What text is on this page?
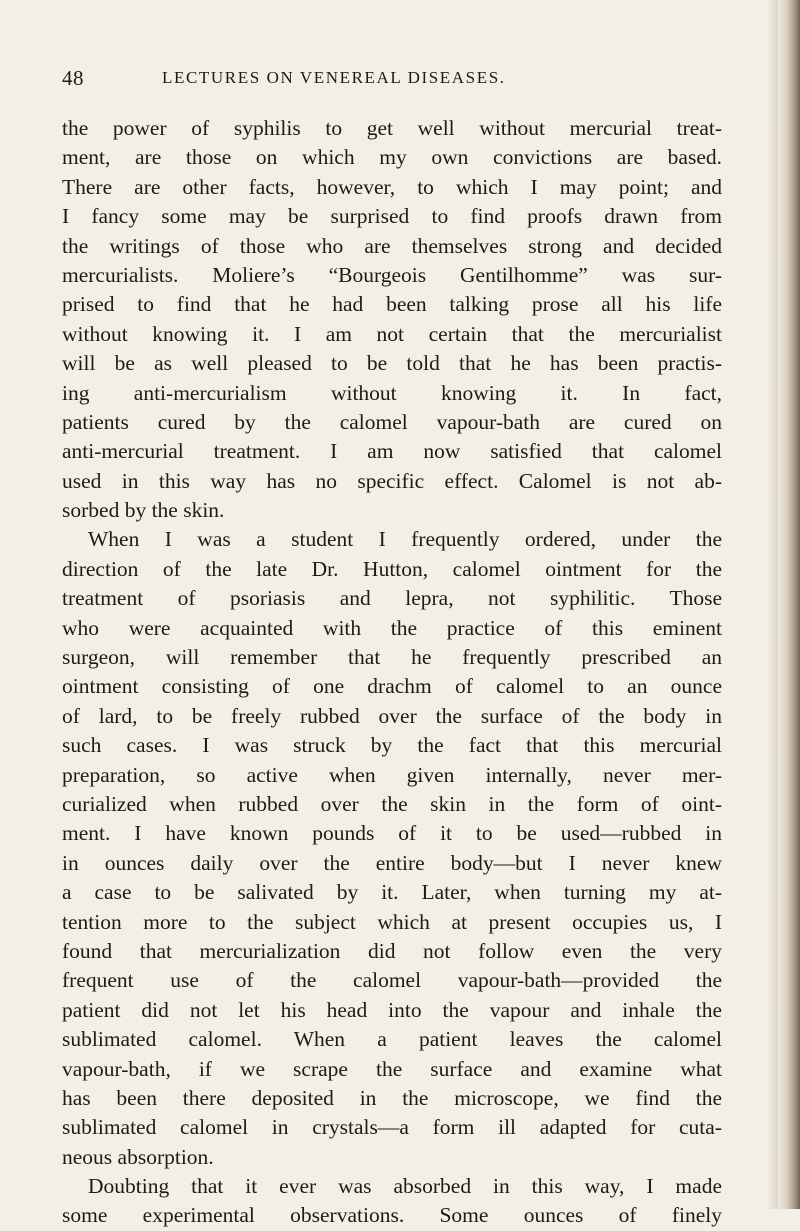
48	LECTURES ON VENEREAL DISEASES.
the power of syphilis to get well without mercurial treat-
ment, are those on which my own convictions are based.
There are other facts, however, to which I may point; and
I fancy some may be surprised to find proofs drawn from
the writings of those who are themselves strong and decided
mercurialists. Moliere’s “Bourgeois Gentilhomme” was sur-
prised to find that he had been talking prose all his life
without knowing it. I am not certain that the mercurialist
will be as well pleased to be told that he has been practis-
ing anti-mercurialism without knowing it. In fact,
patients cured by the calomel vapour-bath are cured on
anti-mercurial treatment. I am now satisfied that calomel
used in this way has no specific effect. Calomel is not ab-
sorbed by the skin.
When I was a student I frequently ordered, under the
direction of the late Dr. Hutton, calomel ointment for the
treatment of psoriasis and lepra, not syphilitic. Those
who were acquainted with the practice of this eminent
surgeon, will remember that he frequently prescribed an
ointment consisting of one drachm of calomel to an ounce
of lard, to be freely rubbed over the surface of the body in
such cases. I was struck by the fact that this mercurial
preparation, so active when given internally, never mer-
curialized when rubbed over the skin in the form of oint-
ment. I have known pounds of it to be used—rubbed in
in ounces daily over the entire body—but I never knew
a case to be salivated by it. Later, when turning my at-
tention more to the subject which at present occupies us, I
found that mercurialization did not follow even the very
frequent use of the calomel vapour-bath—provided the
patient did not let his head into the vapour and inhale the
sublimated calomel. When a patient leaves the calomel
vapour-bath, if we scrape the surface and examine what
has been there deposited in the microscope, we find the
sublimated calomel in crystals—a form ill adapted for cuta-
neous absorption.
Doubting that it ever was absorbed in this way, I made
some experimental observations. Some ounces of finely
